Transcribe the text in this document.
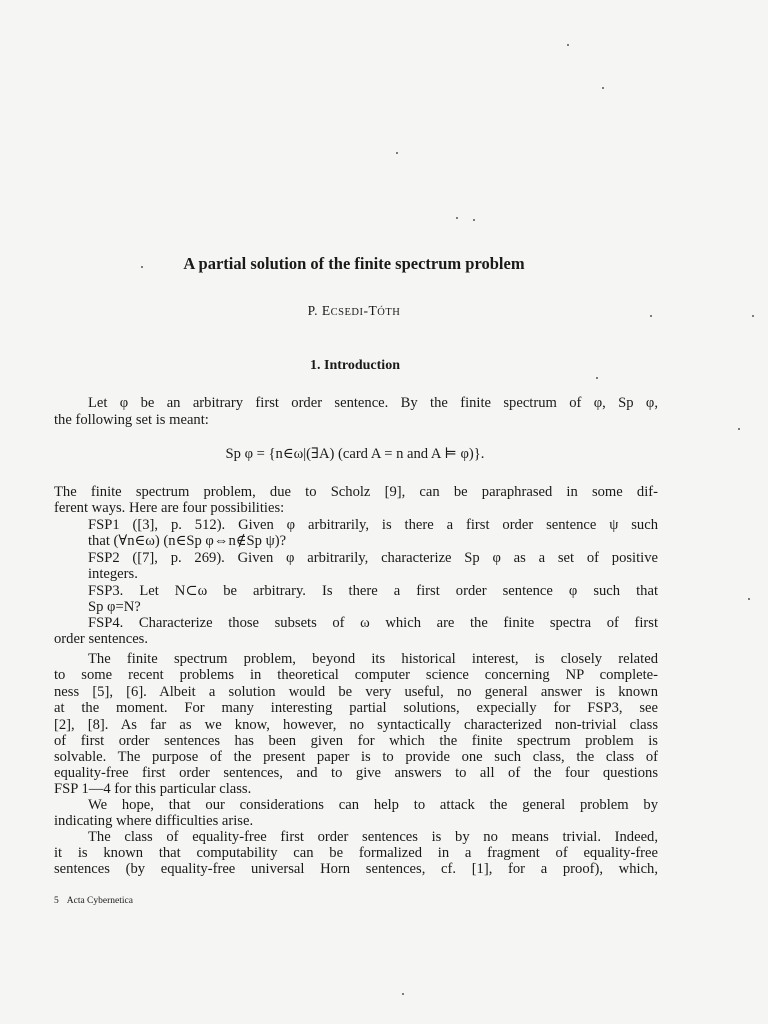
A partial solution of the finite spectrum problem
P. ECSEDI-TÓTH
1. Introduction
Let φ be an arbitrary first order sentence. By the finite spectrum of φ, Sp φ,
the following set is meant:
Sp φ = {n∈ω|(∃A) (card A = n and A ⊨ φ)}.
The finite spectrum problem, due to Scholz [9], can be paraphrased in some dif-
ferent ways. Here are four possibilities:
FSP1 ([3], p. 512). Given φ arbitrarily, is there a first order sentence ψ such
that (∀n∈ω) (n∈Sp φ⇔n∉Sp ψ)?
FSP2 ([7], p. 269). Given φ arbitrarily, characterize Sp φ as a set of positive
integers.
FSP3. Let N⊂ω be arbitrary. Is there a first order sentence φ such that
Sp φ=N?
FSP4. Characterize those subsets of ω which are the finite spectra of first
order sentences.
The finite spectrum problem, beyond its historical interest, is closely related
to some recent problems in theoretical computer science concerning NP complete-
ness [5], [6]. Albeit a solution would be very useful, no general answer is known
at the moment. For many interesting partial solutions, expecially for FSP3, see
[2], [8]. As far as we know, however, no syntactically characterized non-trivial class
of first order sentences has been given for which the finite spectrum problem is
solvable. The purpose of the present paper is to provide one such class, the class of
equality-free first order sentences, and to give answers to all of the four questions
FSP 1—4 for this particular class.
We hope, that our considerations can help to attack the general problem by
indicating where difficulties arise.
The class of equality-free first order sentences is by no means trivial. Indeed,
it is known that computability can be formalized in a fragment of equality-free
sentences (by equality-free universal Horn sentences, cf. [1], for a proof), which,
5 Acta Cybernetica
